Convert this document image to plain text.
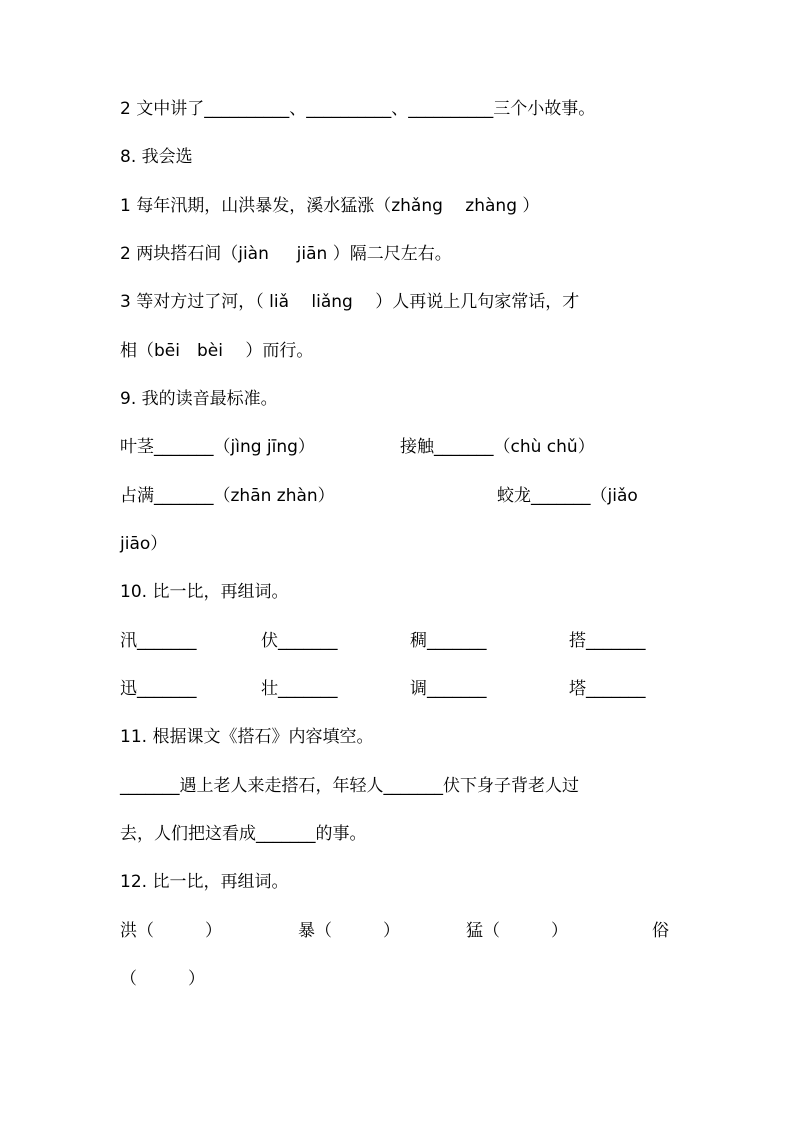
2 文中讲了__________、__________、__________三个小故事。
8. 我会选
1 每年汛期，山洪暴发，溪水猛涨（zhǎng　 zhàng ）
2 两块搭石间（jiàn　  jiān ）隔二尺左右。
3 等对方过了河，（ liǎ　 liǎng　 ）人再说上几句家常话，才
相（bēi　bèi　 ）而行。
9. 我的读音最标准。
叶茎_______（jìng jīng）	接触_______（chù chǔ）
占满_______（zhān zhàn）	蛟龙_______（jiǎo
jiāo）
10. 比一比，再组词。
汛_______	伏_______	稠_______	搭_______
迅_______	壮_______	调_______	塔_______
11. 根据课文《搭石》内容填空。
_______遇上老人来走搭石，年轻人_______伏下身子背老人过
去，人们把这看成_______的事。
12. 比一比，再组词。
洪（　　　）	暴（　　　）	猛（　　　）	俗
（　　　）
